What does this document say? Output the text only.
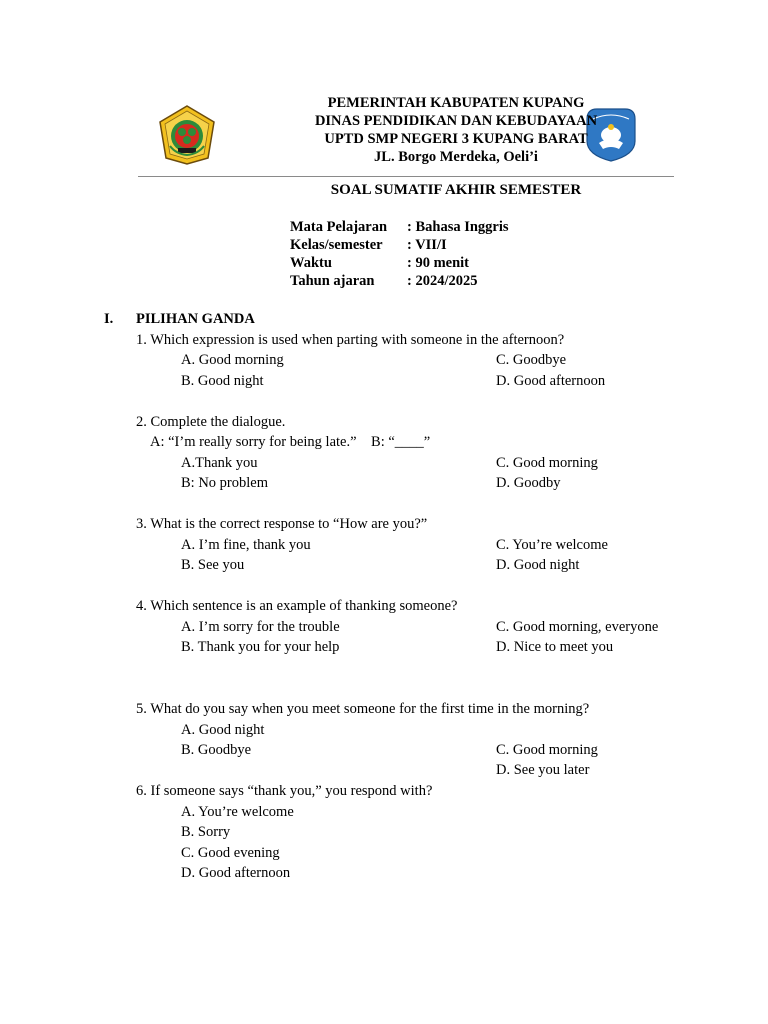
PEMERINTAH KABUPATEN KUPANG
DINAS PENDIDIKAN DAN KEBUDAYAAN
UPTD SMP NEGERI 3 KUPANG BARAT
JL. Borgo Merdeka, Oeli’i
SOAL SUMATIF AKHIR SEMESTER
Mata Pelajaran : Bahasa Inggris
Kelas/semester : VII/I
Waktu	: 90 menit
Tahun ajaran : 2024/2025
I. PILIHAN GANDA
1. Which expression is used when parting with someone in the afternoon?
A. Good morning
B. Good night
C. Goodbye
D. Good afternoon
2. Complete the dialogue.
A: “I’m really sorry for being late.”    B: “____”
A.Thank you
B: No problem
C. Good morning
D. Goodby
3. What is the correct response to “How are you?”
A. I’m fine, thank you
B. See you
C. You’re welcome
D. Good night
4. Which sentence is an example of thanking someone?
A. I’m sorry for the trouble
B. Thank you for your help
C. Good morning, everyone
D. Nice to meet you
5. What do you say when you meet someone for the first time in the morning?
A. Good night
B. Goodbye	C. Good morning
D. See you later
6. If someone says “thank you,” you respond with?
A. You’re welcome
B. Sorry
C. Good evening
D. Good afternoon
